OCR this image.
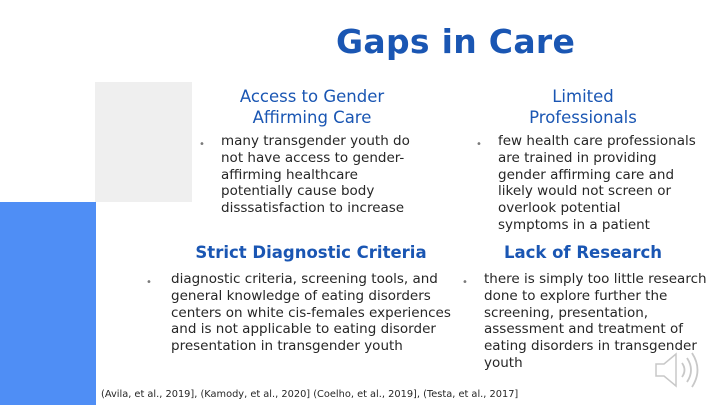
Gaps in Care
Access to Gender
Affirming Care
• many transgender youth do
not have access to gender-
affirming healthcare
potentially cause body
disssatisfaction to increase
Limited
Professionals
• few health care professionals
are trained in providing
gender affirming care and
likely would not screen or
overlook potential
symptoms in a patient
Strict Diagnostic Criteria
• diagnostic criteria, screening tools, and
general knowledge of eating disorders
centers on white cis-females experiences
and is not applicable to eating disorder
presentation in transgender youth
Lack of Research
• there is simply too little research
done to explore further the
screening, presentation,
assessment and treatment of
eating disorders in transgender
youth
(Avila, et al., 2019], (Kamody, et al., 2020] (Coelho, et al., 2019], (Testa, et al., 2017]
